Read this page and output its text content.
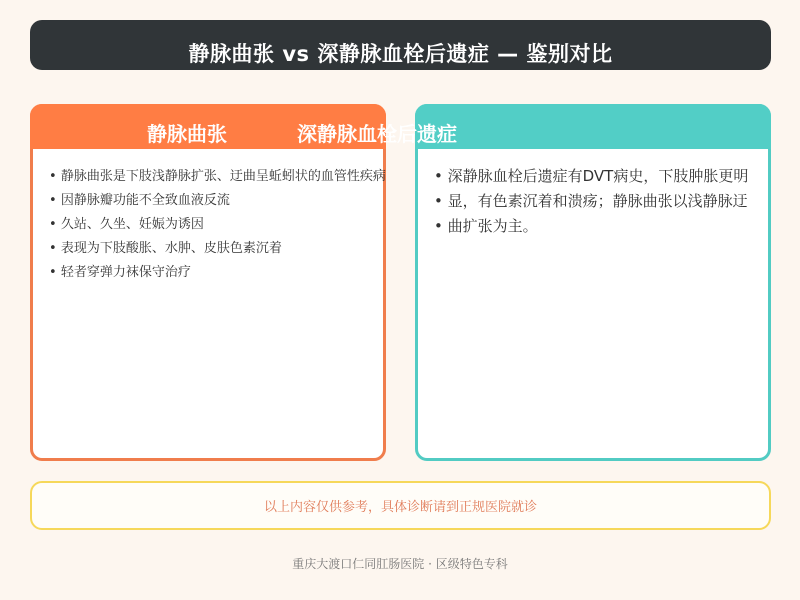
静脉曲张 vs 深静脉血栓后遗症 — 鉴别对比
静脉曲张	深静脉血栓后遗症
• 静脉曲张是下肢浅静脉扩张、迂曲呈蚯蚓状的血管性疾病
• 因静脉瓣功能不全致血液反流
• 久站、久坐、妊娠为诱因
• 表现为下肢酸胀、水肿、皮肤色素沉着
• 轻者穿弹力袜保守治疗
• 深静脉血栓后遗症有DVT病史，下肢肿胀更明
• 显，有色素沉着和溃疡；静脉曲张以浅静脉迂
• 曲扩张为主。
以上内容仅供参考，具体诊断请到正规医院就诊
重庆大渡口仁同肛肠医院 · 区级特色专科
